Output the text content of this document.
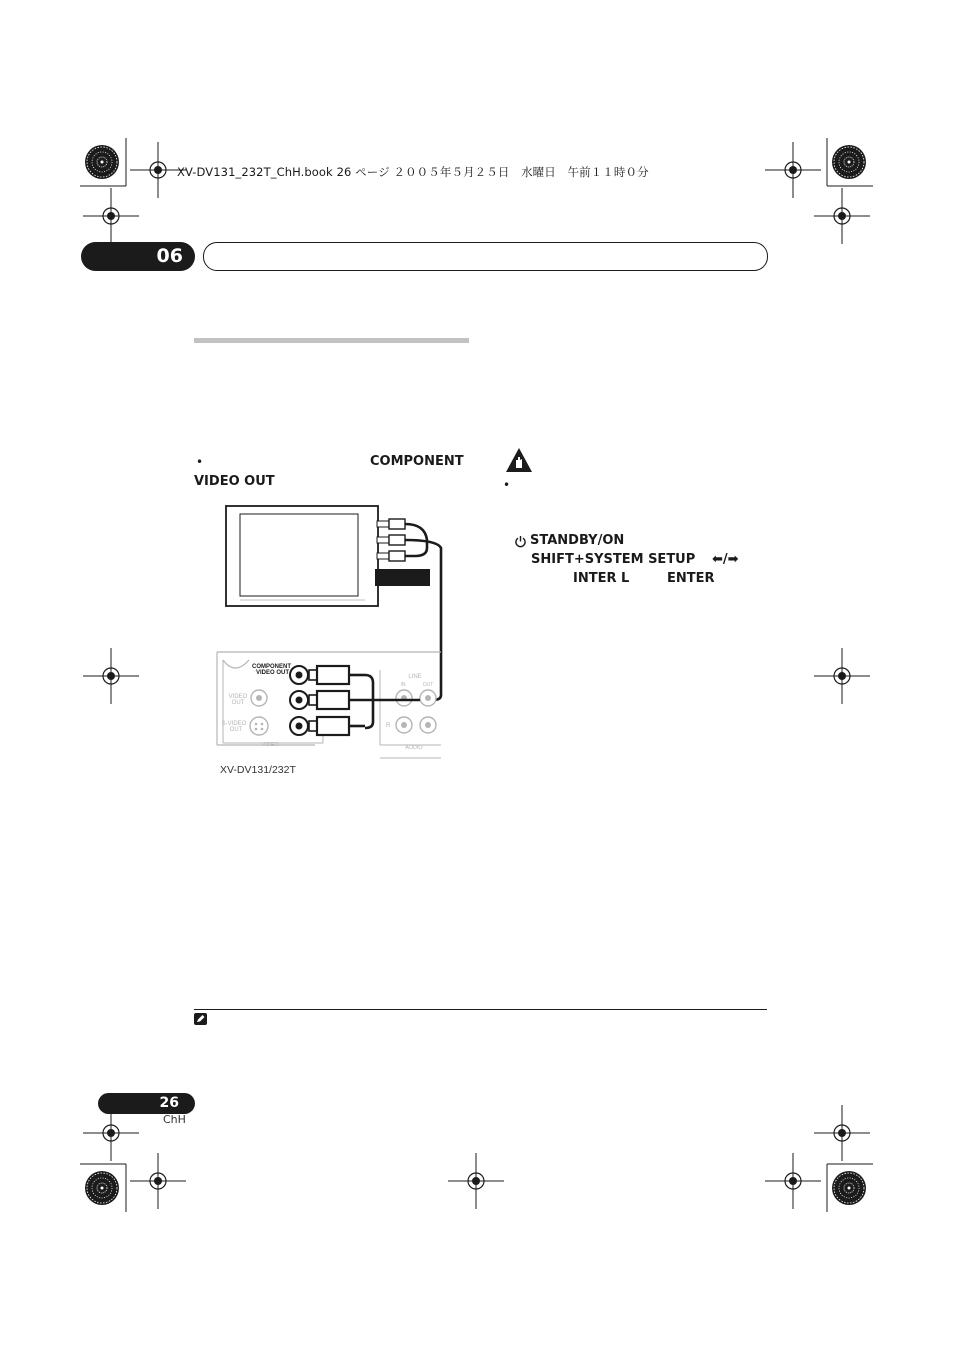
XV-DV131_232T_ChH.book 26 ページ ２００５年５月２５日　水曜日　午前１１時０分
06
•	COMPONENT
VIDEO OUT
COMPONENT VIDEO OUT
VIDEO OUT
S-VIDEO OUT
VIDEO
LINE
IN	OUT
R
AUDIO
XV-DV131/232T
•
STANDBY/ON
SHIFT+SYSTEM SETUP ⬅/➡
INTER L	ENTER
26
ChH
